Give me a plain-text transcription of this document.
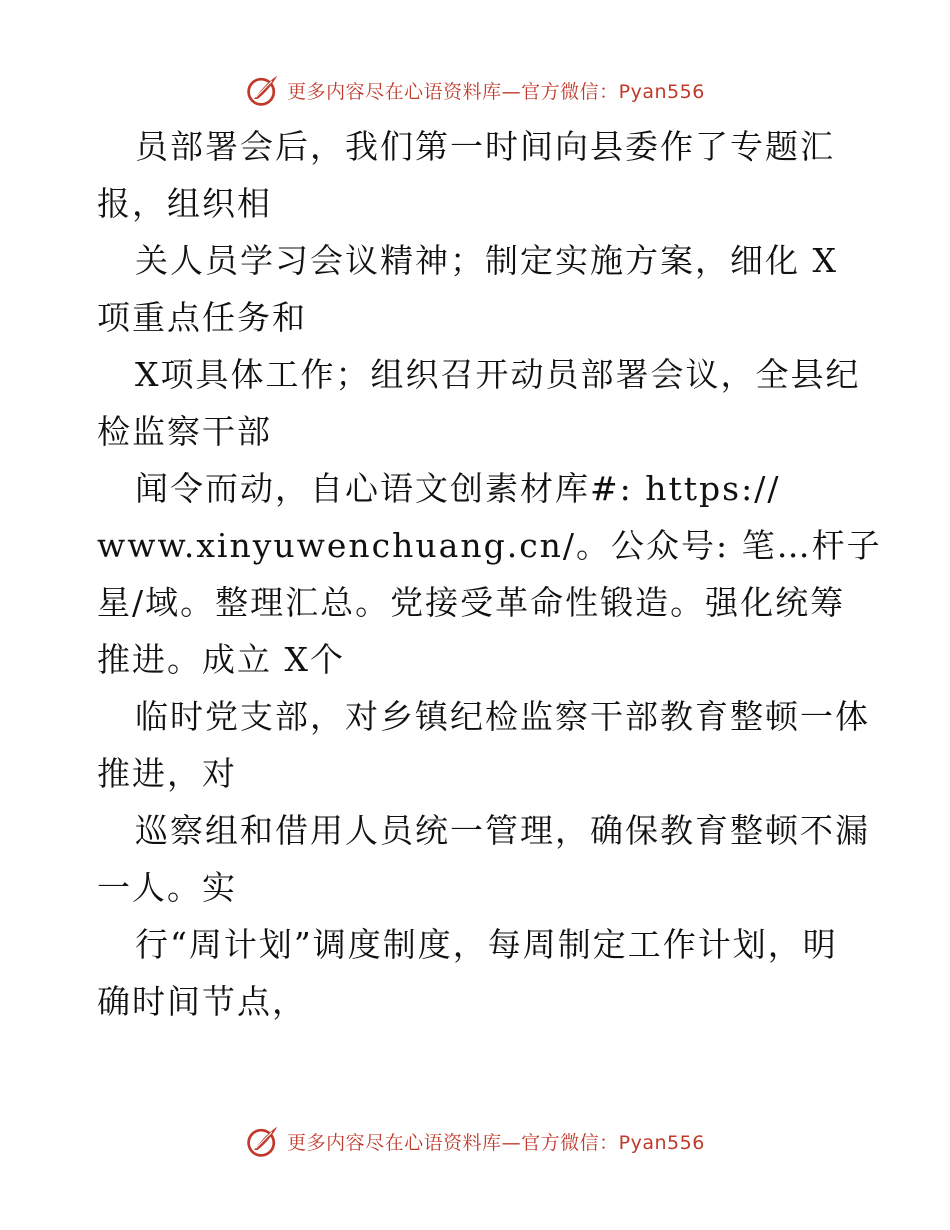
更多内容尽在心语资料库—官方微信：Pyan556
员部署会后，我们第一时间向县委作了专题汇
报，组织相
关人员学习会议精神；制定实施方案，细化 X
项重点任务和
X项具体工作；组织召开动员部署会议，全县纪
检监察干部
闻令而动，自心语文创素材库#: https://
www.xinyuwenchuang.cn/。公众号: 笔…杆子
星/域。整理汇总。党接受革命性锻造。强化统筹
推进。成立 X个
临时党支部，对乡镇纪检监察干部教育整顿一体
推进，对
巡察组和借用人员统一管理，确保教育整顿不漏
一人。实
行“周计划”调度制度，每周制定工作计划，明
确时间节点，
更多内容尽在心语资料库—官方微信：Pyan556
